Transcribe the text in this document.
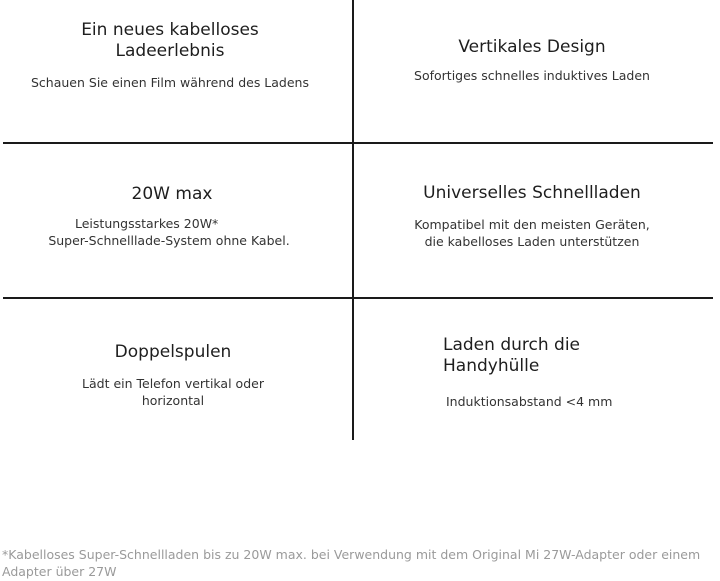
Ein neues kabelloses
Ladeerlebnis
Schauen Sie einen Film während des Ladens
Vertikales Design
Sofortiges schnelles induktives Laden
20W max
Leistungsstarkes 20W*
Super-Schnelllade-System ohne Kabel.
Universelles Schnellladen
Kompatibel mit den meisten Geräten,
die kabelloses Laden unterstützen
Doppelspulen
Lädt ein Telefon vertikal oder
horizontal
Laden durch die
Handyhülle
Induktionsabstand <4 mm
*Kabelloses Super-Schnellladen bis zu 20W max. bei Verwendung mit dem Original Mi 27W-Adapter oder einem
Adapter über 27W
